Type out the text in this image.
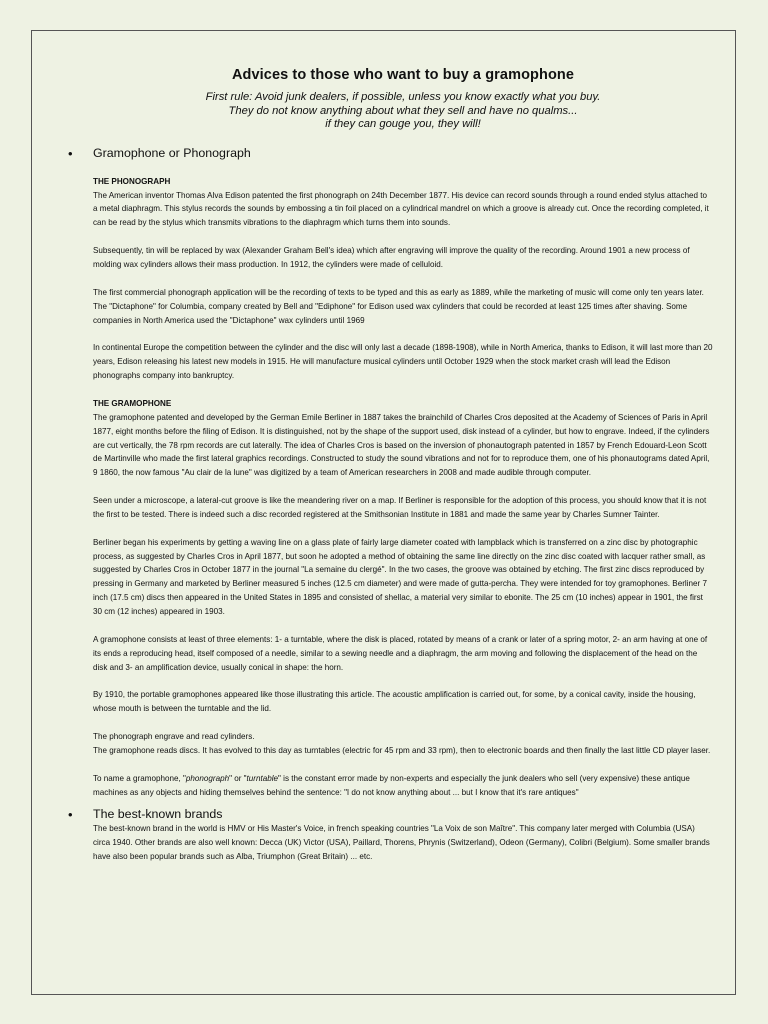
Advices to those who want to buy a gramophone
First rule: Avoid junk dealers, if possible, unless you know exactly what you buy.
They do not know anything about what they sell and have no qualms...
if they can gouge you, they will!
• Gramophone or Phonograph
THE PHONOGRAPH

The American inventor Thomas Alva Edison patented the first phonograph on 24th December 1877. His device can record sounds through a round ended stylus attached to a metal diaphragm. This stylus records the sounds by embossing a tin foil placed on a cylindrical mandrel on which a groove is already cut. Once the recording completed, it can be read by the stylus which transmits vibrations to the diaphragm which turns them into sounds.

Subsequently, tin will be replaced by wax (Alexander Graham Bell's idea) which after engraving will improve the quality of the recording. Around 1901 a new process of molding wax cylinders allows their mass production. In 1912, the cylinders were made of celluloid.

The first commercial phonograph application will be the recording of texts to be typed and this as early as 1889, while the marketing of music will come only ten years later. The "Dictaphone" for Columbia, company created by Bell and "Ediphone" for Edison used wax cylinders that could be recorded at least 125 times after shaving. Some companies in North America used the "Dictaphone" wax cylinders until 1969

In continental Europe the competition between the cylinder and the disc will only last a decade (1898-1908), while in North America, thanks to Edison, it will last more than 20 years, Edison releasing his latest new models in 1915. He will manufacture musical cylinders until October 1929 when the stock market crash will lead the Edison phonographs company into bankruptcy.

THE GRAMOPHONE

The gramophone patented and developed by the German Emile Berliner in 1887 takes the brainchild of Charles Cros deposited at the Academy of Sciences of Paris in April 1877, eight months before the filing of Edison. It is distinguished, not by the shape of the support used, disk instead of a cylinder, but how to engrave. Indeed, if the cylinders are cut vertically, the 78 rpm records are cut laterally. The idea of Charles Cros is based on the inversion of phonautograph patented in 1857 by French Edouard-Leon Scott de Martinville who made the first lateral graphics recordings. Constructed to study the sound vibrations and not for to reproduce them, one of his phonautograms dated April, 9 1860, the now famous "Au clair de la lune" was digitized by a team of American researchers in 2008 and made audible through computer.

Seen under a microscope, a lateral-cut groove is like the meandering river on a map. If Berliner is responsible for the adoption of this process, you should know that it is not the first to be tested. There is indeed such a disc recorded registered at the Smithsonian Institute in 1881 and made the same year by Charles Sumner Tainter.

Berliner began his experiments by getting a waving line on a glass plate of fairly large diameter coated with lampblack which is transferred on a zinc disc by photographic process, as suggested by Charles Cros in April 1877, but soon he adopted a method of obtaining the same line directly on the zinc disc coated with lacquer rather small, as suggested by Charles Cros in October 1877 in the journal "La semaine du clergé". In the two cases, the groove was obtained by etching. The first zinc discs reproduced by pressing in Germany and marketed by Berliner measured 5 inches (12.5 cm diameter) and were made of gutta-percha. They were intended for toy gramophones. Berliner 7 inch (17.5 cm) discs then appeared in the United States in 1895 and consisted of shellac, a material very similar to ebonite. The 25 cm (10 inches) appear in 1901, the first 30 cm (12 inches) appeared in 1903.

A gramophone consists at least of three elements: 1- a turntable, where the disk is placed, rotated by means of a crank or later of a spring motor, 2- an arm having at one of its ends a reproducing head, itself composed of a needle, similar to a sewing needle and a diaphragm, the arm moving and following the displacement of the head on the disk and 3- an amplification device, usually conical in shape: the horn.

By 1910, the portable gramophones appeared like those illustrating this article. The acoustic amplification is carried out, for some, by a conical cavity, inside the housing, whose mouth is between the turntable and the lid.

The phonograph engrave and read cylinders.

The gramophone reads discs. It has evolved to this day as turntables (electric for 45 rpm and 33 rpm), then to electronic boards and then finally the last little CD player laser.

To name a gramophone, "phonograph" or "turntable" is the constant error made by non-experts and especially the junk dealers who sell (very expensive) these antique machines as any objects and hiding themselves behind the sentence: "I do not know anything about ... but I know that it's rare antiques"

• The best-known brands

The best-known brand in the world is HMV or His Master's Voice, in french speaking countries "La Voix de son Maître". This company later merged with Columbia (USA) circa 1940. Other brands are also well known: Decca (UK) Victor (USA), Paillard, Thorens, Phrynis (Switzerland), Odeon (Germany), Colibri (Belgium). Some smaller brands have also been popular brands such as Alba, Triumphon (Great Britain) ... etc.
